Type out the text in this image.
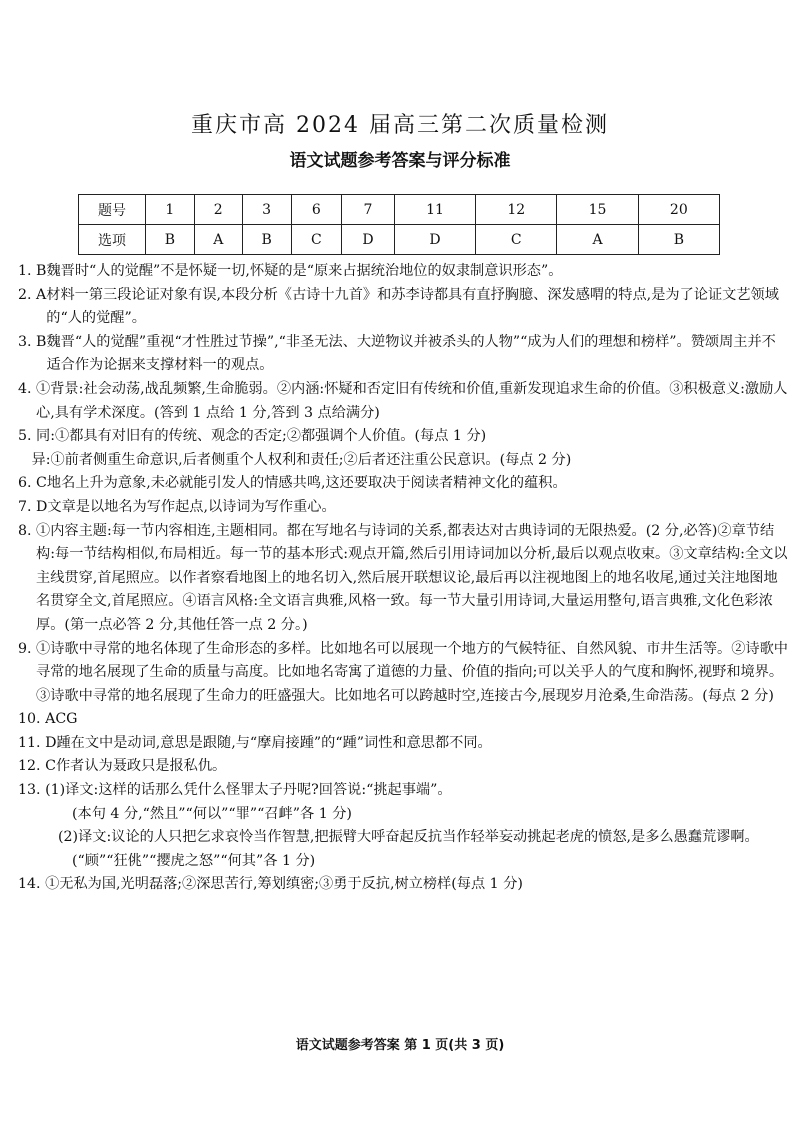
重庆市高 2024 届高三第二次质量检测
语文试题参考答案与评分标准
题号	1	2	3	6	7	11	12	15	20
选项	B	A	B	C	D	D	C	A	B
1. B 魏晋时“人的觉醒”不是怀疑一切,怀疑的是“原来占据统治地位的奴隶制意识形态”。
2. A 材料一第三段论证对象有误,本段分析《古诗十九首》和苏李诗都具有直抒胸臆、深发感喟的特点,是为了论证文艺领域的“人的觉醒”。
3. B 魏晋“人的觉醒”重视“才性胜过节操”,“非圣无法、大逆物议并被杀头的人物”“成为人们的理想和榜样”。赞颂周主并不适合作为论据来支撑材料一的观点。
4. ①背景:社会动荡,战乱频繁,生命脆弱。②内涵:怀疑和否定旧有传统和价值,重新发现追求生命的价值。③积极意义:激励人心,具有学术深度。(答到 1 点给 1 分,答到 3 点给满分)
5. 同:①都具有对旧有的传统、观念的否定;②都强调个人价值。(每点 1 分)

异:①前者侧重生命意识,后者侧重个人权利和责任;②后者还注重公民意识。(每点 2 分)
6. C 地名上升为意象,未必就能引发人的情感共鸣,这还要取决于阅读者精神文化的蕴积。
7. D 文章是以地名为写作起点,以诗词为写作重心。
8. ①内容主题:每一节内容相连,主题相同。都在写地名与诗词的关系,都表达对古典诗词的无限热爱。(2 分,必答)②章节结构:每一节结构相似,布局相近。每一节的基本形式:观点开篇,然后引用诗词加以分析,最后以观点收束。③文章结构:全文以主线贯穿,首尾照应。以作者察看地图上的地名切入,然后展开联想议论,最后再以注视地图上的地名收尾,通过关注地图地名贯穿全文,首尾照应。④语言风格:全文语言典雅,风格一致。每一节大量引用诗词,大量运用整句,语言典雅,文化色彩浓厚。(第一点必答 2 分,其他任答一点 2 分。)
9. ①诗歌中寻常的地名体现了生命形态的多样。比如地名可以展现一个地方的气候特征、自然风貌、市井生活等。②诗歌中寻常的地名展现了生命的质量与高度。比如地名寄寓了道德的力量、价值的指向;可以关乎人的气度和胸怀,视野和境界。③诗歌中寻常的地名展现了生命力的旺盛强大。比如地名可以跨越时空,连接古今,展现岁月沧桑,生命浩荡。(每点 2 分)
10. ACG
11. D 踵在文中是动词,意思是跟随,与“摩肩接踵”的“踵”词性和意思都不同。
12. C 作者认为聂政只是报私仇。
13. (1)译文:这样的话那么凭什么怪罪太子丹呢?回答说:“挑起事端”。
(本句 4 分,“然且”“何以”“罪”“召衅”各 1 分)
(2)译文:议论的人只把乞求哀怜当作智慧,把振臂大呼奋起反抗当作轻举妄动挑起老虎的愤怒,是多么愚蠢荒谬啊。
(“顾”“狂佻”“撄虎之怒”“何其”各 1 分)
14. ①无私为国,光明磊落;②深思苦行,筹划缜密;③勇于反抗,树立榜样(每点 1 分)
语文试题参考答案 第 1 页(共 3 页)
